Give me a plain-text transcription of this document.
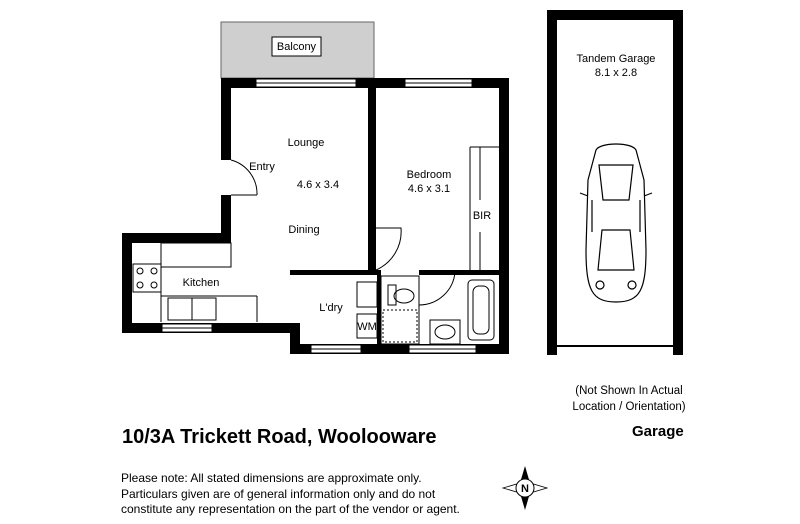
Balcony
Lounge
4.6 x 3.4
Entry
Dining
Bedroom
4.6 x 3.1
BIR
Kitchen
L'dry
WM
Tandem Garage
8.1 x 2.8
N
(Not Shown In Actual
Location / Orientation)
Garage
10/3A Trickett Road, Woolooware
Please note: All stated dimensions are approximate only.
Particulars given are of general information only and do not
constitute any representation on the part of the vendor or agent.
